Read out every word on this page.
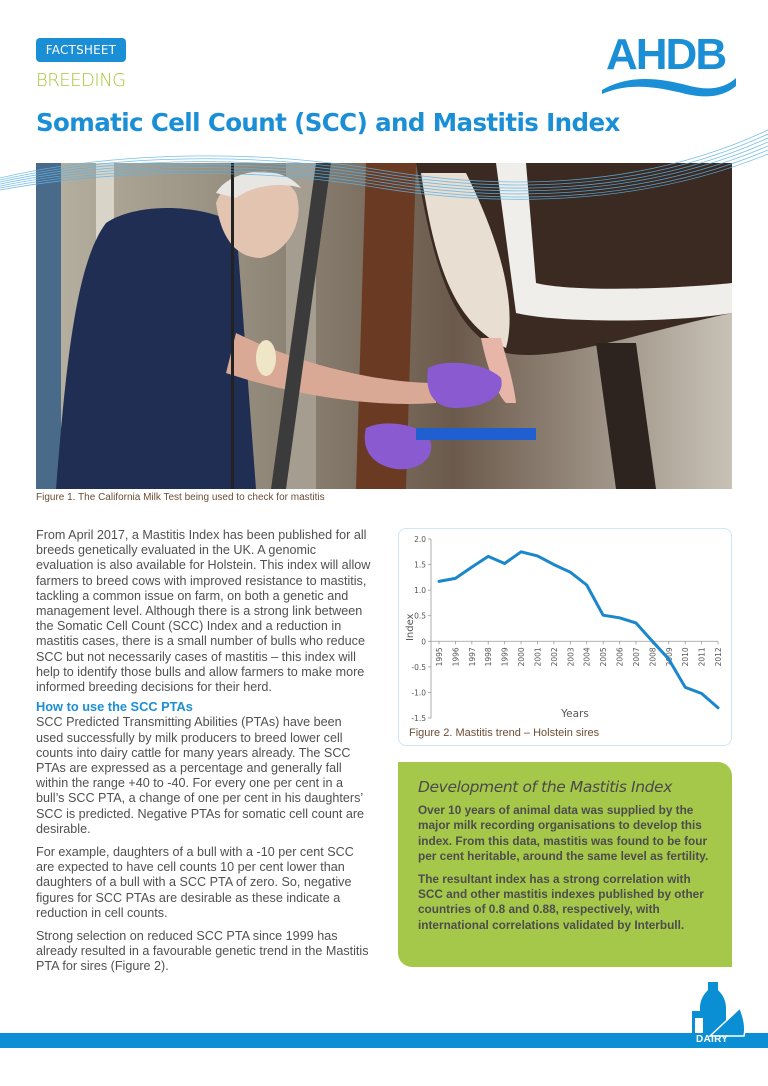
FACTSHEET
BREEDING
Somatic Cell Count (SCC) and Mastitis Index
AHDB
Figure 1. The California Milk Test being used to check for mastitis

From April 2017, a Mastitis Index has been published for all breeds genetically evaluated in the UK. A genomic evaluation is also available for Holstein. This index will allow farmers to breed cows with improved resistance to mastitis, tackling a common issue on farm, on both a genetic and management level. Although there is a strong link between the Somatic Cell Count (SCC) Index and a reduction in mastitis cases, there is a small number of bulls who reduce SCC but not necessarily cases of mastitis – this index will help to identify those bulls and allow farmers to make more informed breeding decisions for their herd.

How to use the SCC PTAs

SCC Predicted Transmitting Abilities (PTAs) have been used successfully by milk producers to breed lower cell counts into dairy cattle for many years already. The SCC PTAs are expressed as a percentage and generally fall within the range +40 to -40. For every one per cent in a bull’s SCC PTA, a change of one per cent in his daughters’ SCC is predicted. Negative PTAs for somatic cell count are desirable.

For example, daughters of a bull with a -10 per cent SCC are expected to have cell counts 10 per cent lower than daughters of a bull with a SCC PTA of zero. So, negative figures for SCC PTAs are desirable as these indicate a reduction in cell counts.

Strong selection on reduced SCC PTA since 1999 has already resulted in a favourable genetic trend in the Mastitis PTA for sires (Figure 2).

2.0
1.5
1.0
0.5
0
-0.5
-1.0
-1.5
1995 1996 1997 1998 1999 2000 2001 2002 2003 2004 2005 2006 2007 2008 2009 2010 2011 2012
Index
Years
Figure 2. Mastitis trend – Holstein sires
Development of the Mastitis Index

Over 10 years of animal data was supplied by the major milk recording organisations to develop this index. From this data, mastitis was found to be four per cent heritable, around the same level as fertility.

The resultant index has a strong correlation with SCC and other mastitis indexes published by other countries of 0.8 and 0.88, respectively, with international correlations validated by Interbull.

DAIRY
